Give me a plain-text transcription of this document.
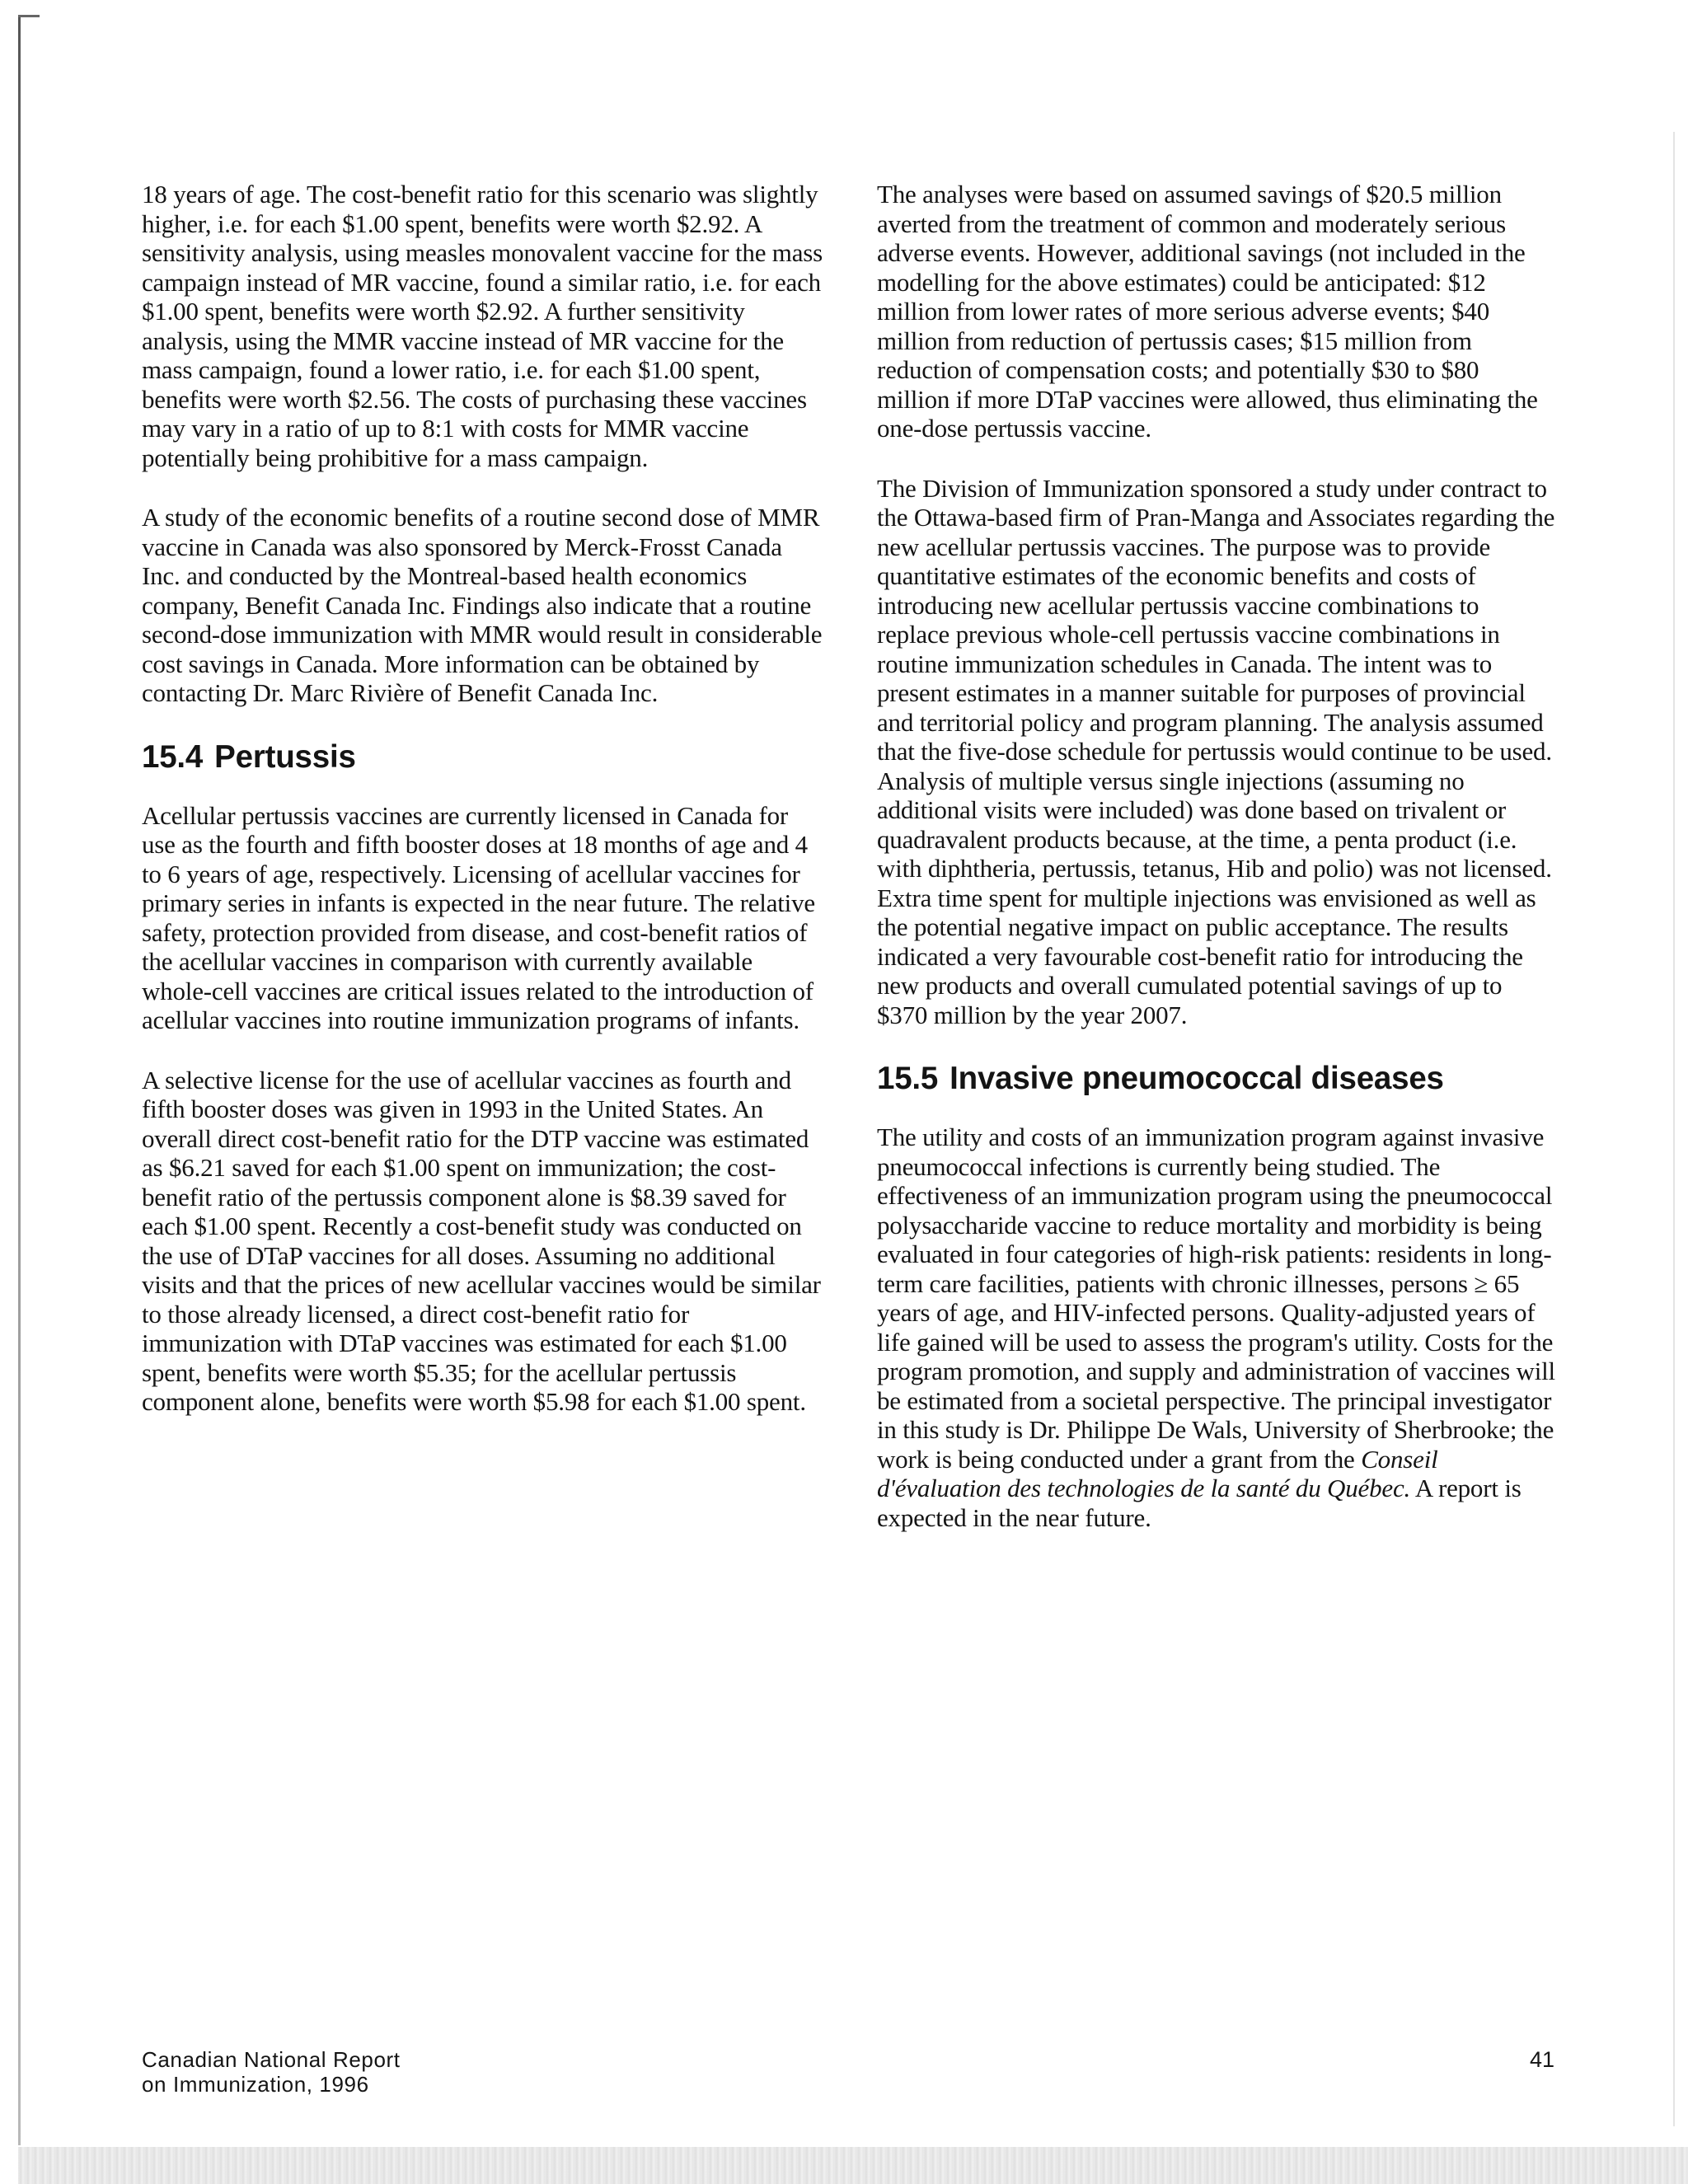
18 years of age. The cost-benefit ratio for this scenario was slightly higher, i.e. for each $1.00 spent, benefits were worth $2.92. A sensitivity analysis, using measles monovalent vaccine for the mass campaign instead of MR vaccine, found a similar ratio, i.e. for each $1.00 spent, benefits were worth $2.92. A further sensitivity analysis, using the MMR vaccine instead of MR vaccine for the mass campaign, found a lower ratio, i.e. for each $1.00 spent, benefits were worth $2.56. The costs of purchasing these vaccines may vary in a ratio of up to 8:1 with costs for MMR vaccine potentially being prohibitive for a mass campaign.

A study of the economic benefits of a routine second dose of MMR vaccine in Canada was also sponsored by Merck-Frosst Canada Inc. and conducted by the Montreal-based health economics company, Benefit Canada Inc. Findings also indicate that a routine second-dose immunization with MMR would result in considerable cost savings in Canada. More information can be obtained by contacting Dr. Marc Rivière of Benefit Canada Inc.

15.4 Pertussis

Acellular pertussis vaccines are currently licensed in Canada for use as the fourth and fifth booster doses at 18 months of age and 4 to 6 years of age, respectively. Licensing of acellular vaccines for primary series in infants is expected in the near future. The relative safety, protection provided from disease, and cost-benefit ratios of the acellular vaccines in comparison with currently available whole-cell vaccines are critical issues related to the introduction of acellular vaccines into routine immunization programs of infants.

A selective license for the use of acellular vaccines as fourth and fifth booster doses was given in 1993 in the United States. An overall direct cost-benefit ratio for the DTP vaccine was estimated as $6.21 saved for each $1.00 spent on immunization; the cost-benefit ratio of the pertussis component alone is $8.39 saved for each $1.00 spent. Recently a cost-benefit study was conducted on the use of DTaP vaccines for all doses. Assuming no additional visits and that the prices of new acellular vaccines would be similar to those already licensed, a direct cost-benefit ratio for immunization with DTaP vaccines was estimated for each $1.00 spent, benefits were worth $5.35; for the acellular pertussis component alone, benefits were worth $5.98 for each $1.00 spent.

The analyses were based on assumed savings of $20.5 million averted from the treatment of common and moderately serious adverse events. However, additional savings (not included in the modelling for the above estimates) could be anticipated: $12 million from lower rates of more serious adverse events; $40 million from reduction of pertussis cases; $15 million from reduction of compensation costs; and potentially $30 to $80 million if more DTaP vaccines were allowed, thus eliminating the one-dose pertussis vaccine.

The Division of Immunization sponsored a study under contract to the Ottawa-based firm of Pran-Manga and Associates regarding the new acellular pertussis vaccines. The purpose was to provide quantitative estimates of the economic benefits and costs of introducing new acellular pertussis vaccine combinations to replace previous whole-cell pertussis vaccine combinations in routine immunization schedules in Canada. The intent was to present estimates in a manner suitable for purposes of provincial and territorial policy and program planning. The analysis assumed that the five-dose schedule for pertussis would continue to be used. Analysis of multiple versus single injections (assuming no additional visits were included) was done based on trivalent or quadravalent products because, at the time, a penta product (i.e. with diphtheria, pertussis, tetanus, Hib and polio) was not licensed. Extra time spent for multiple injections was envisioned as well as the potential negative impact on public acceptance. The results indicated a very favourable cost-benefit ratio for introducing the new products and overall cumulated potential savings of up to $370 million by the year 2007.

15.5 Invasive pneumococcal diseases

The utility and costs of an immunization program against invasive pneumococcal infections is currently being studied. The effectiveness of an immunization program using the pneumococcal polysaccharide vaccine to reduce mortality and morbidity is being evaluated in four categories of high-risk patients: residents in long-term care facilities, patients with chronic illnesses, persons ≥ 65 years of age, and HIV-infected persons. Quality-adjusted years of life gained will be used to assess the program's utility. Costs for the program promotion, and supply and administration of vaccines will be estimated from a societal perspective. The principal investigator in this study is Dr. Philippe De Wals, University of Sherbrooke; the work is being conducted under a grant from the Conseil d'évaluation des technologies de la santé du Québec. A report is expected in the near future.

Canadian National Report
on Immunization, 1996
41
